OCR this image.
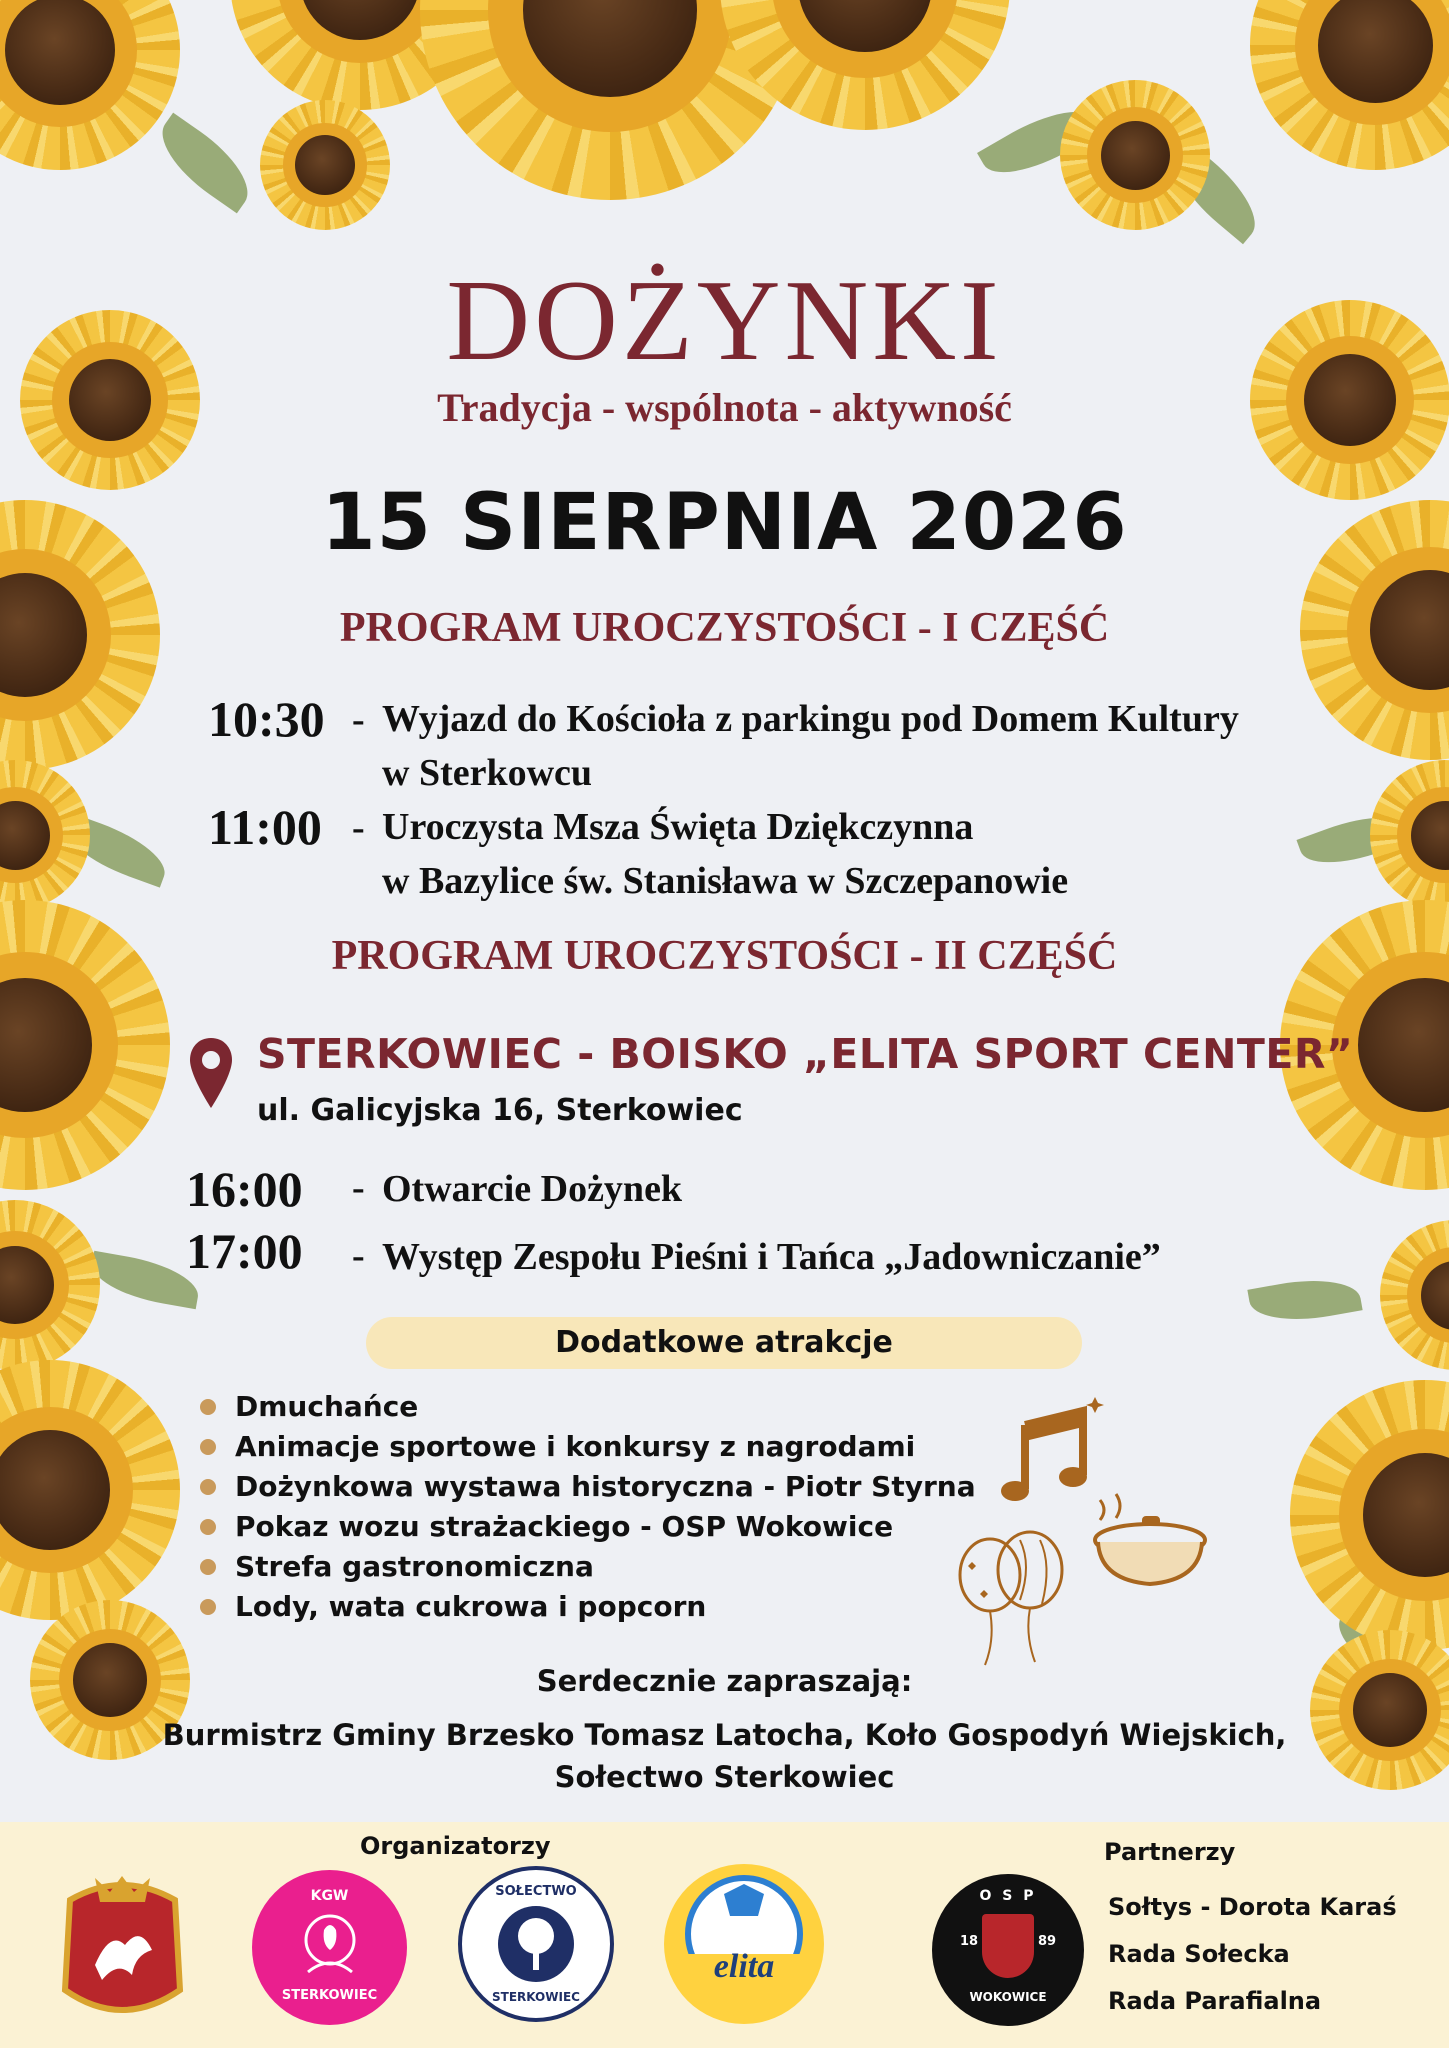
DOŻYNKI
Tradycja - wspólnota - aktywność
15 SIERPNIA 2026
PROGRAM UROCZYSTOŚCI - I CZĘŚĆ
10:30 - Wyjazd do Kościoła z parkingu pod Domem Kultury
w Sterkowcu
11:00 - Uroczysta Msza Święta Dziękczynna
w Bazylice św. Stanisława w Szczepanowie
PROGRAM UROCZYSTOŚCI - II CZĘŚĆ
STERKOWIEC - BOISKO „ELITA SPORT CENTER”
ul. Galicyjska 16, Sterkowiec
16:00 - Otwarcie Dożynek
17:00 - Występ Zespołu Pieśni i Tańca „Jadowniczanie”
Dodatkowe atrakcje
Dmuchańce
Animacje sportowe i konkursy z nagrodami
Dożynkowa wystawa historyczna - Piotr Styrna
Pokaz wozu strażackiego - OSP Wokowice
Strefa gastronomiczna
Lody, wata cukrowa i popcorn
Serdecznie zapraszają:
Burmistrz Gminy Brzesko Tomasz Latocha, Koło Gospodyń Wiejskich,
Sołectwo Sterkowiec
Organizatorzy	Partnerzy
KGW
STERKOWIEC
SOŁECTWO
STERKOWIEC
elita
O S P
18	89
WOKOWICE
Sołtys - Dorota Karaś
Rada Sołecka
Rada Parafialna
